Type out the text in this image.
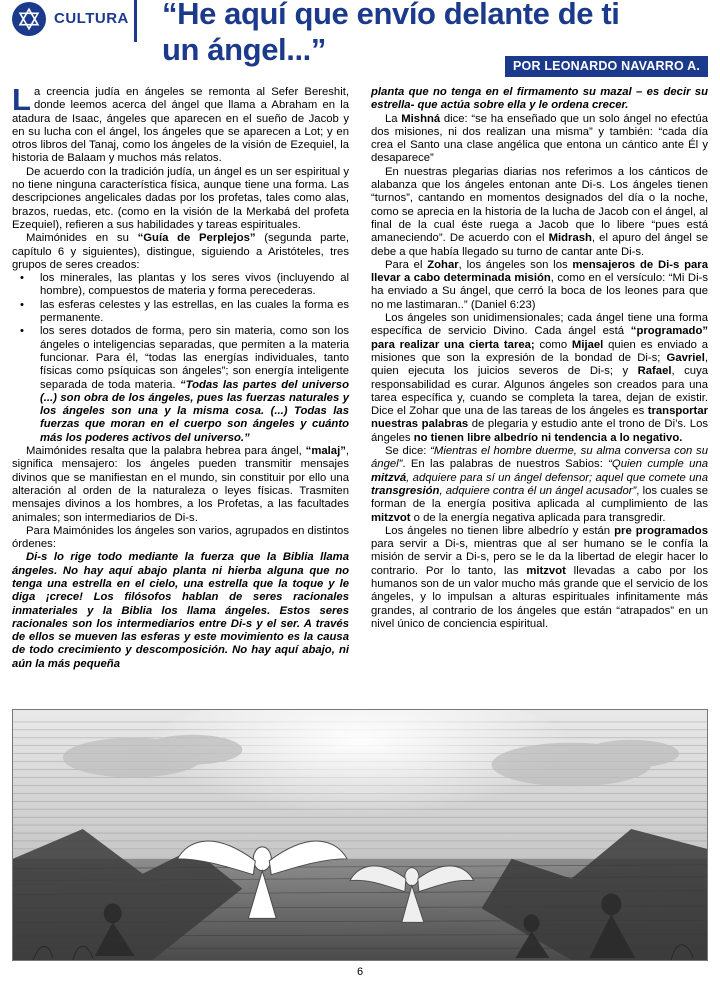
CULTURA “He aquí que envío delante de ti
un ángel...”	POR LEONARDO NAVARRO A.

La creencia judía en ángeles se remonta al Sefer Bereshit, donde leemos acerca del ángel que llama a Abraham en la atadura de Isaac, ángeles que aparecen en el sueño de Jacob y en su lucha con el ángel, los ángeles que se aparecen a Lot; y en otros libros del Tanaj, como los ángeles de la visión de Ezequiel, la historia de Balaam y muchos más relatos.

De acuerdo con la tradición judía, un ángel es un ser espiritual y no tiene ninguna característica física, aunque tiene una forma. Las descripciones angelicales dadas por los profetas, tales como alas, brazos, ruedas, etc. (como en la visión de la Merkabá del profeta Ezequiel), refieren a sus habilidades y tareas espirituales.

Maimónides en su “Guía de Perplejos” (segunda parte, capítulo 6 y siguientes), distingue, siguiendo a Aristóteles, tres grupos de seres creados:

• los minerales, las plantas y los seres vivos (incluyendo al hombre), compuestos de materia y forma perecederas.

• las esferas celestes y las estrellas, en las cuales la forma es permanente.

• los seres dotados de forma, pero sin materia, como son los ángeles o inteligencias separadas, que permiten a la materia funcionar. Para él, “todas las energías individuales, tanto físicas como psíquicas son ángeles”; son energía inteligente separada de toda materia. “Todas las partes del universo (...) son obra de los ángeles, pues las fuerzas naturales y los ángeles son una y la misma cosa. (...) Todas las fuerzas que moran en el cuerpo son ángeles y cuánto más los poderes activos del universo.”

Maimónides resalta que la palabra hebrea para ángel, “malaj”, significa mensajero: los ángeles pueden transmitir mensajes divinos que se manifiestan en el mundo, sin constituir por ello una alteración al orden de la naturaleza o leyes físicas. Trasmiten mensajes divinos a los hombres, a los Profetas, a las facultades animales; son intermediarios de Di-s.

Para Maimónides los ángeles son varios, agrupados en distintos órdenes:

Di-s lo rige todo mediante la fuerza que la Biblia llama ángeles. No hay aquí abajo planta ni hierba alguna que no tenga una estrella en el cielo, una estrella que la toque y le diga ¡crece! Los filósofos hablan de seres racionales inmateriales y la Biblia los llama ángeles. Estos seres racionales son los intermediarios entre Di-s y el ser. A través de ellos se mueven las esferas y este movimiento es la causa de todo crecimiento y descomposición. No hay aquí abajo, ni aún la más pequeña

planta que no tenga en el firmamento su mazal – es decir su estrella- que actúa sobre ella y le ordena crecer.

La Mishná dice: “se ha enseñado que un solo ángel no efectúa dos misiones, ni dos realizan una misma” y también: “cada día crea el Santo una clase angélica que entona un cántico ante Él y desaparece”

En nuestras plegarias diarias nos referimos a los cánticos de alabanza que los ángeles entonan ante Di-s. Los ángeles tienen “turnos”, cantando en momentos designados del día o la noche, como se aprecia en la historia de la lucha de Jacob con el ángel, al final de la cual éste ruega a Jacob que lo libere “pues está amaneciendo”. De acuerdo con el Midrash, el apuro del ángel se debe a que había llegado su turno de cantar ante Di-s.

Para el Zohar, los ángeles son los mensajeros de Di-s para llevar a cabo determinada misión, como en el versículo: “Mi Di-s ha enviado a Su ángel, que cerró la boca de los leones para que no me lastimaran..” (Daniel 6:23)

Los ángeles son unidimensionales; cada ángel tiene una forma específica de servicio Divino. Cada ángel está “programado” para realizar una cierta tarea; como Mijael quien es enviado a misiones que son la expresión de la bondad de Di-s; Gavriel, quien ejecuta los juicios severos de Di-s; y Rafael, cuya responsabilidad es curar. Algunos ángeles son creados para una tarea específica y, cuando se completa la tarea, dejan de existir. Dice el Zohar que una de las tareas de los ángeles es transportar nuestras palabras de plegaria y estudio ante el trono de Di’s. Los ángeles no tienen libre albedrío ni tendencia a lo negativo.

Se dice: “Mientras el hombre duerme, su alma conversa con su ángel”. En las palabras de nuestros Sabios: “Quien cumple una mitzvá, adquiere para sí un ángel defensor; aquel que comete una transgresión, adquiere contra él un ángel acusador”, los cuales se forman de la energía positiva aplicada al cumplimiento de las mitzvot o de la energía negativa aplicada para transgredir.

Los ángeles no tienen libre albedrío y están pre programados para servir a Di-s, mientras que al ser humano se le confía la misión de servir a Di-s, pero se le da la libertad de elegir hacer lo contrario. Por lo tanto, las mitzvot llevadas a cabo por los humanos son de un valor mucho más grande que el servicio de los ángeles, y lo impulsan a alturas espirituales infinitamente más grandes, al contrario de los ángeles que están “atrapados” en un nivel único de conciencia espiritual.

6
